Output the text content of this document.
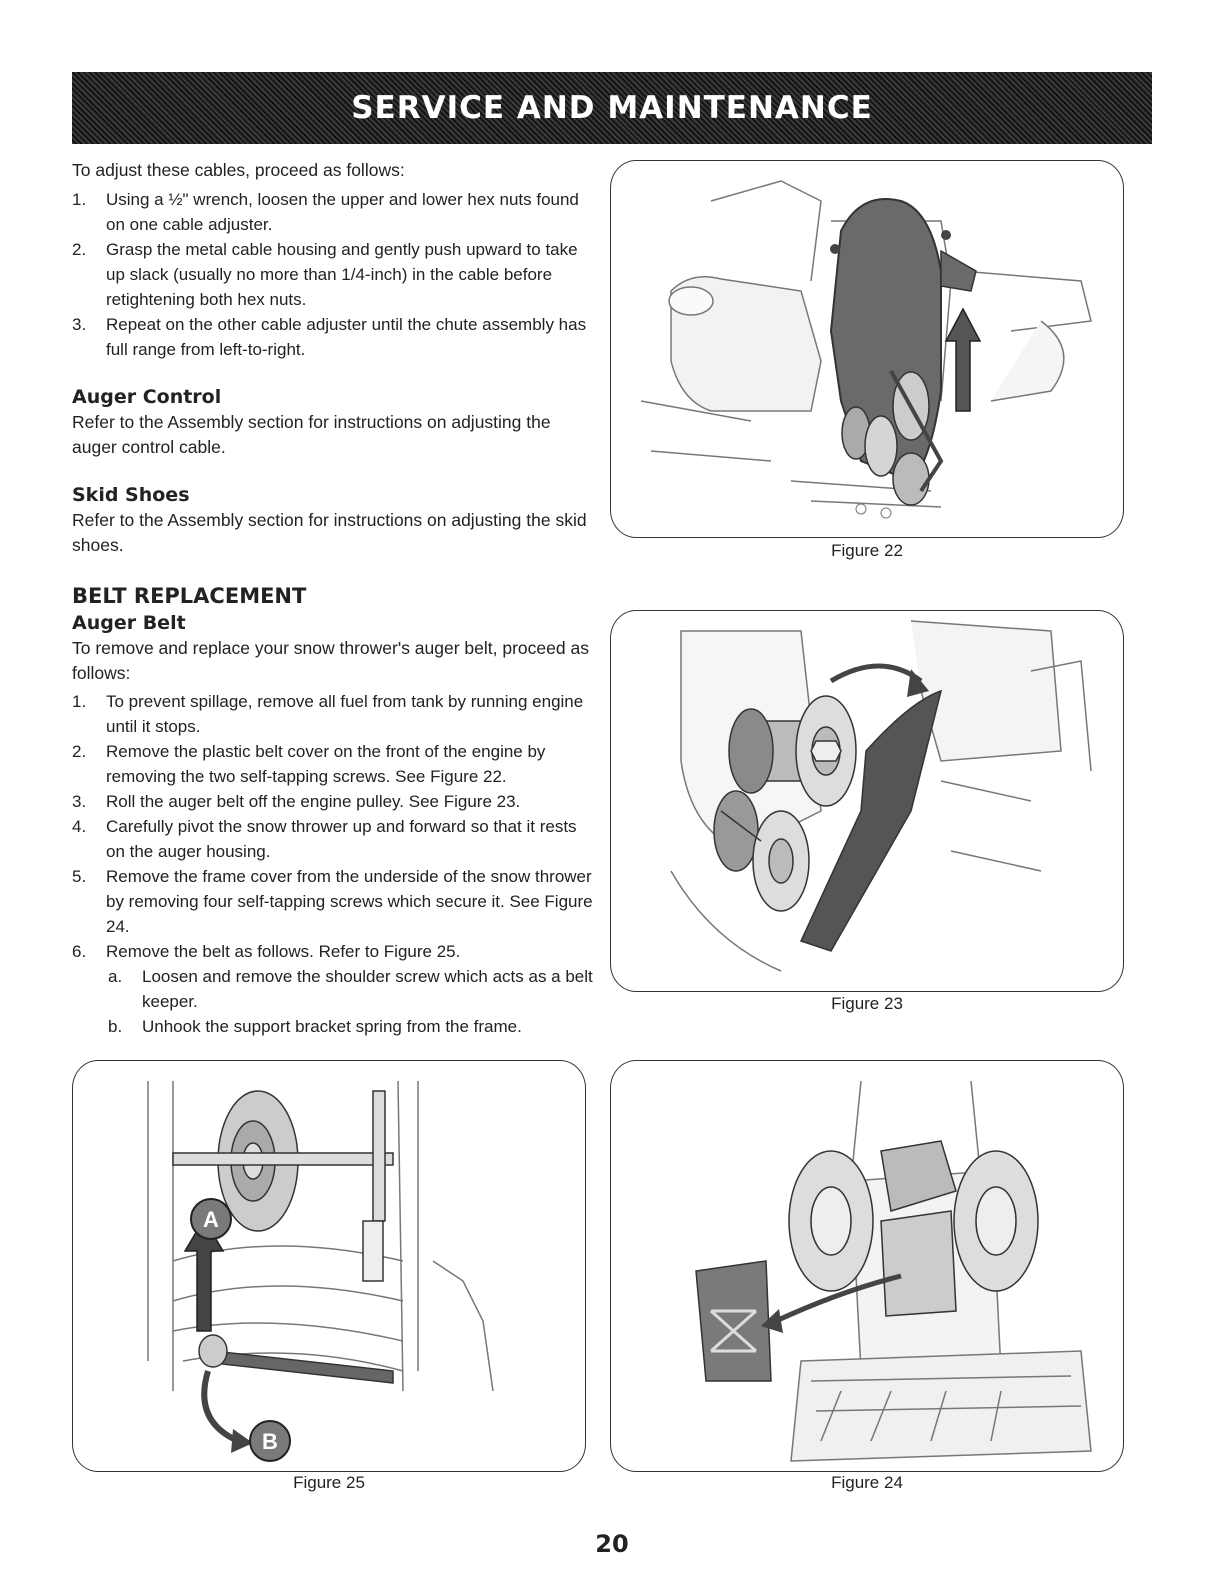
SERVICE AND MAINTENANCE

To adjust these cables, proceed as follows:

1.	Using a ½" wrench, loosen the upper and lower hex nuts found on one cable adjuster.
2.	Grasp the metal cable housing and gently push upward to take up slack (usually no more than 1/4-inch) in the cable before retightening both hex nuts.
3.	Repeat on the other cable adjuster until the chute assembly has full range from left-to-right.
Auger Control

Refer to the Assembly section for instructions on adjusting the auger control cable.

Skid Shoes

Refer to the Assembly section for instructions on adjusting the skid shoes.

BELT REPLACEMENT
Auger Belt

To remove and replace your snow thrower's auger belt, proceed as follows:

1.	To prevent spillage, remove all fuel from tank by running engine until it stops.
2.	Remove the plastic belt cover on the front of the engine by removing the two self-tapping screws. See Figure 22.
3.	Roll the auger belt off the engine pulley. See Figure 23.
4.	Carefully pivot the snow thrower up and forward so that it rests on the auger housing.
5.	Remove the frame cover from the underside of the snow thrower by removing four self-tapping screws which secure it. See Figure 24.
6.	Remove the belt as follows. Refer to Figure 25.
a.	Loosen and remove the shoulder screw which acts as a belt keeper.
b.	Unhook the support bracket spring from the frame.
Figure 22
Figure 23
A
B
Figure 25	Figure 24
20
